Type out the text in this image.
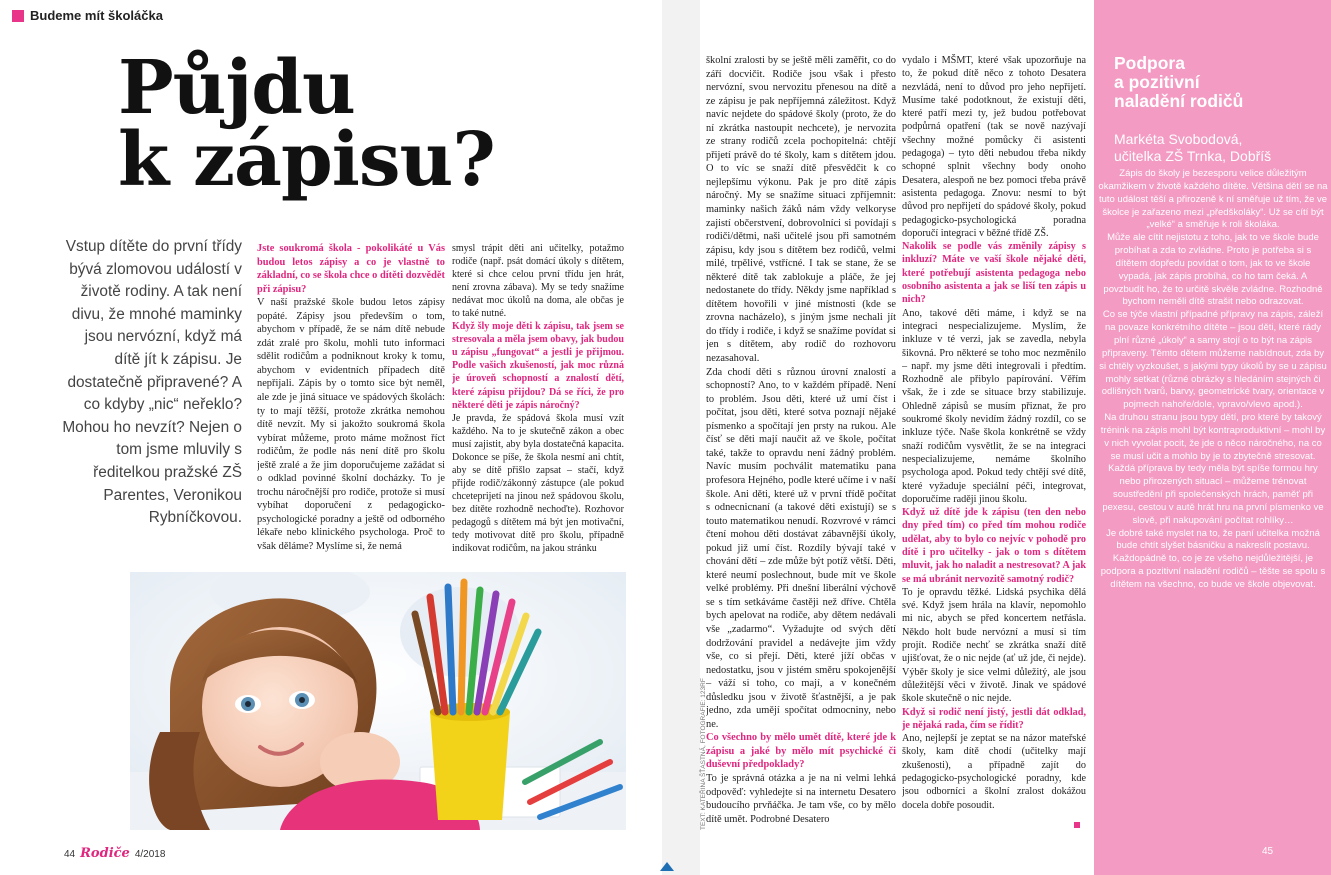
Budeme mít školáčka
Půjdu
k zápisu?
Vstup dítěte do první třídy bývá zlomovou událostí v životě rodiny. A tak není divu, že mnohé maminky jsou nervózní, když má dítě jít k zápisu. Je dostatečně připravené? A co kdyby „nic“ neřeklo? Mohou ho nevzít? Nejen o tom jsme mluvily s ředitelkou pražské ZŠ Parentes, Veronikou Rybníčkovou.

Jste soukromá škola - pokolikáté u Vás budou letos zápisy a co je vlastně to základní, co se škola chce o dítěti dozvědět při zápisu?

V naší pražské škole budou letos zápisy popáté. Zápisy jsou především o tom, abychom v případě, že se nám dítě nebude zdát zralé pro školu, mohli tuto informaci sdělit rodičům a podniknout kroky k tomu, abychom v evidentních případech dítě nepřijali. Zápis by o tomto sice být neměl, ale zde je jiná situace ve spádových školách: ty to mají těžší, protože zkrátka nemohou dítě nevzít. My si jakožto soukromá škola vybírat můžeme, proto máme možnost říct rodičům, že podle nás není dítě pro školu ještě zralé a že jim doporučujeme zažádat si o odklad povinné školní docházky. To je trochu náročnější pro rodiče, protože si musí vybíhat doporučení z pedagogicko-psychologické poradny a ještě od odborného lékaře nebo klinického psychologa. Proč to však děláme? Myslíme si, že nemá

smysl trápit děti ani učitelky, potažmo rodiče (např. psát domácí úkoly s dítětem, které si chce celou první třídu jen hrát, není zrovna zábava). My se tedy snažíme nedávat moc úkolů na doma, ale občas je to také nutné.

Když šly moje děti k zápisu, tak jsem se stresovala a měla jsem obavy, jak budou u zápisu „fungovat“ a jestli je přijmou. Podle vašich zkušeností, jak moc různá je úroveň schopností a znalostí dětí, které zápisu přijdou? Dá se říci, že pro některé děti je zápis náročný?

Je pravda, že spádová škola musí vzít každého. Na to je skutečně zákon a obec musí zajistit, aby byla dostatečná kapacita. Dokonce se píše, že škola nesmí ani chtít, aby se dítě přišlo zapsat – stačí, když přijde rodič/zákonný zástupce (ale pokud chceteprijetí na jinou než spádovou školu, bez dítěte rozhodně nechoďte). Rozhovor pedagogů s dítětem má být jen motivační, tedy motivovat dítě pro školu, případně indikovat rodičům, na jakou stránku

školní zralosti by se ještě měli zaměřit, co do září docvičit. Rodiče jsou však i přesto nervózní, svou nervozitu přenesou na dítě a ze zápisu je pak nepříjemná záležitost. Když navíc nejdete do spádové školy (proto, že do ní zkrátka nastoupit nechcete), je nervozita ze strany rodičů zcela pochopitelná: chtějí přijetí právě do té školy, kam s dítětem jdou. O to víc se snaží dítě přesvědčit k co nejlepšímu výkonu. Pak je pro dítě zápis náročný. My se snažíme situaci zpříjemnit: maminky našich žáků nám vždy velkoryse zajistí občerstvení, dobrovolníci si povídají s rodiči/dětmi, naši učitelé jsou při samotném zápisu, kdy jsou s dítětem bez rodičů, velmi milé, trpělivé, vstřícné. I tak se stane, že se některé dítě tak zablokuje a pláče, že jej nedostanete do třídy. Někdy jsme například s dítětem hovořili v jiné místnosti (kde se zrovna nacházelo), s jiným jsme nechali jít do třídy i rodiče, i když se snažíme povídat si jen s dítětem, aby rodič do rozhovoru nezasahoval.

Zda chodí děti s různou úrovní znalostí a schopností? Ano, to v každém případě. Není to problém. Jsou děti, které už umí číst i počítat, jsou děti, které sotva poznají nějaké písmenko a spočítají jen prsty na rukou. Ale čísť se děti mají naučit až ve škole, počítat také, takže to opravdu není žádný problém. Navíc musím pochválit matematiku pana profesora Hejného, podle které učíme i v naší škole. Ani děti, které už v první třídě počítat s odnecnicnaní (a takové děti existují) se s touto matematikou nenudí. Rozvrové v rámci čtení mohou děti dostávat zábavnější úkoly, pokud již umí číst. Rozdíly bývají také v chování dětí – zde může být potíž větší. Děti, které neumí poslechnout, bude mít ve škole velké problémy. Při dnešní liberální výchově se s tím setkáváme častěji než dříve. Chtěla bych apelovat na rodiče, aby dětem nedávali vše „zadarmo“. Vyžadujte od svých dětí dodržování pravidel a nedávejte jim vždy vše, co si přejí. Děti, které jíží občas v nedostatku, jsou v jistém směru spokojenější – váží si toho, co mají, a v konečném důsledku jsou v životě šťastnější, a je pak jedno, zda umějí spočítat odmocniny, nebo ne.

Co všechno by mělo umět dítě, které jde k zápisu a jaké by mělo mít psychické či duševní předpoklady?

To je správná otázka a je na ni velmi lehká odpověď: vyhledejte si na internetu Desatero budoucího prvňáčka. Je tam vše, co by mělo dítě umět. Podrobné Desatero

vydalo i MŠMT, které však upozorňuje na to, že pokud dítě něco z tohoto Desatera nezvládá, není to důvod pro jeho nepřijetí. Musíme také podotknout, že existují děti, které patří mezi ty, jež budou potřebovat podpůrná opatření (tak se nově nazývají všechny možné pomůcky či asistenti pedagoga) – tyto děti nebudou třeba nikdy schopné splnit všechny body onoho Desatera, alespoň ne bez pomoci třeba právě asistenta pedagoga. Znovu: nesmí to být důvod pro nepřijetí do spádové školy, pokud pedagogicko-psychologická poradna doporučí integraci v běžné třídě ZŠ.

Nakolik se podle vás změnily zápisy s inkluzí? Máte ve vaší škole nějaké děti, které potřebují asistenta pedagoga nebo osobního asistenta a jak se liší ten zápis u nich?

Ano, takové děti máme, i když se na integraci nespecializujeme. Myslím, že inkluze v té verzi, jak se zavedla, nebyla šikovná. Pro některé se toho moc nezměnilo – např. my jsme děti integrovali i předtím. Rozhodně ale přibylo papírování. Věřím však, že i zde se situace brzy stabilizuje. Ohledně zápisů se musím přiznat, že pro soukromé školy nevidím žádný rozdíl, co se inkluze týče. Naše škola konkrétně se vždy snaží rodičům vysvětlit, že se na integraci nespecializujeme, nemáme školního psychologa apod. Pokud tedy chtějí své dítě, které vyžaduje speciální péči, integrovat, doporučíme raději jinou školu.

Když už dítě jde k zápisu (ten den nebo dny před tím) co před tím mohou rodiče udělat, aby to bylo co nejvíc v pohodě pro dítě i pro učitelky - jak o tom s dítětem mluvit, jak ho naladit a nestresovat? A jak se má ubránit nervozitě samotný rodič?

To je opravdu těžké. Lidská psychika dělá své. Když jsem hrála na klavír, nepomohlo mi nic, abych se před koncertem netřásla. Někdo holt bude nervózní a musí si tím projít. Rodiče nechť se zkrátka snaží dítě ujišťovat, že o nic nejde (ať už jde, či nejde). Výběr školy je sice velmi důležitý, ale jsou důležitější věci v životě. Jinak ve spádové škole skutečně o nic nejde.

Když si rodič není jistý, jestli dát odklad, je nějaká rada, čím se řídit?

Ano, nejlepší je zeptat se na názor mateřské školy, kam dítě chodí (učitelky mají zkušenosti), a případně zajít do pedagogicko-psychologické poradny, kde jsou odborníci a školní zralost dokážou docela dobře posoudit.

TEXT: KATEŘINA ŠŤASTNÁ, FOTOGRAFIE: 123RF
44 Rodiče 4/2018
Podpora
a pozitivní
naladění rodičů
Markéta Svobodová,
učitelka ZŠ Trnka, Dobříš

Zápis do školy je bezesporu velice důležitým okamžikem v životě každého dítěte. Většina dětí se na tuto událost těší a přirozeně k ní směřuje už tím, že ve školce je zařazeno mezi „předškoláky“. Už se cítí být „velké“ a směřuje k roli školáka.

Může ale cítit nejistotu z toho, jak to ve škole bude probíhat a zda to zvládne. Proto je potřeba si s dítětem dopředu povídat o tom, jak to ve škole vypadá, jak zápis probíhá, co ho tam čeká. A povzbudit ho, že to určitě skvěle zvládne. Rozhodně bychom neměli dítě strašit nebo odrazovat.

Co se týče vlastní případné přípravy na zápis, záleží na povaze konkrétního dítěte – jsou děti, které rády plní různé „úkoly“ a samy stojí o to být na zápis připraveny. Těmto dětem můžeme nabídnout, zda by si chtěly vyzkoušet, s jakými typy úkolů by se u zápisu mohly setkat (různé obrázky s hledáním stejných či odlišných tvarů, barvy, geometrické tvary, orientace v pojmech nahoře/dole, vpravo/vlevo apod.).

Na druhou stranu jsou typy dětí, pro které by takový trénink na zápis mohl být kontraproduktivní – mohl by v nich vyvolat pocit, že jde o něco náročného, na co se musí učit a mohlo by je to zbytečně stresovat. Každá příprava by tedy měla být spíše formou hry nebo přirozených situací – můžeme trénovat soustředění při společenských hrách, paměť při pexesu, cestou v autě hrát hru na první písmenko ve slově, při nakupování počítat rohlíky…

Je dobré také myslet na to, že paní učitelka možná bude chtít slyšet básničku a nakreslit postavu.

Každopádně to, co je ze všeho nejdůležitější, je podpora a pozitivní naladění rodičů – těšte se spolu s dítětem na všechno, co bude ve škole objevovat.

45
